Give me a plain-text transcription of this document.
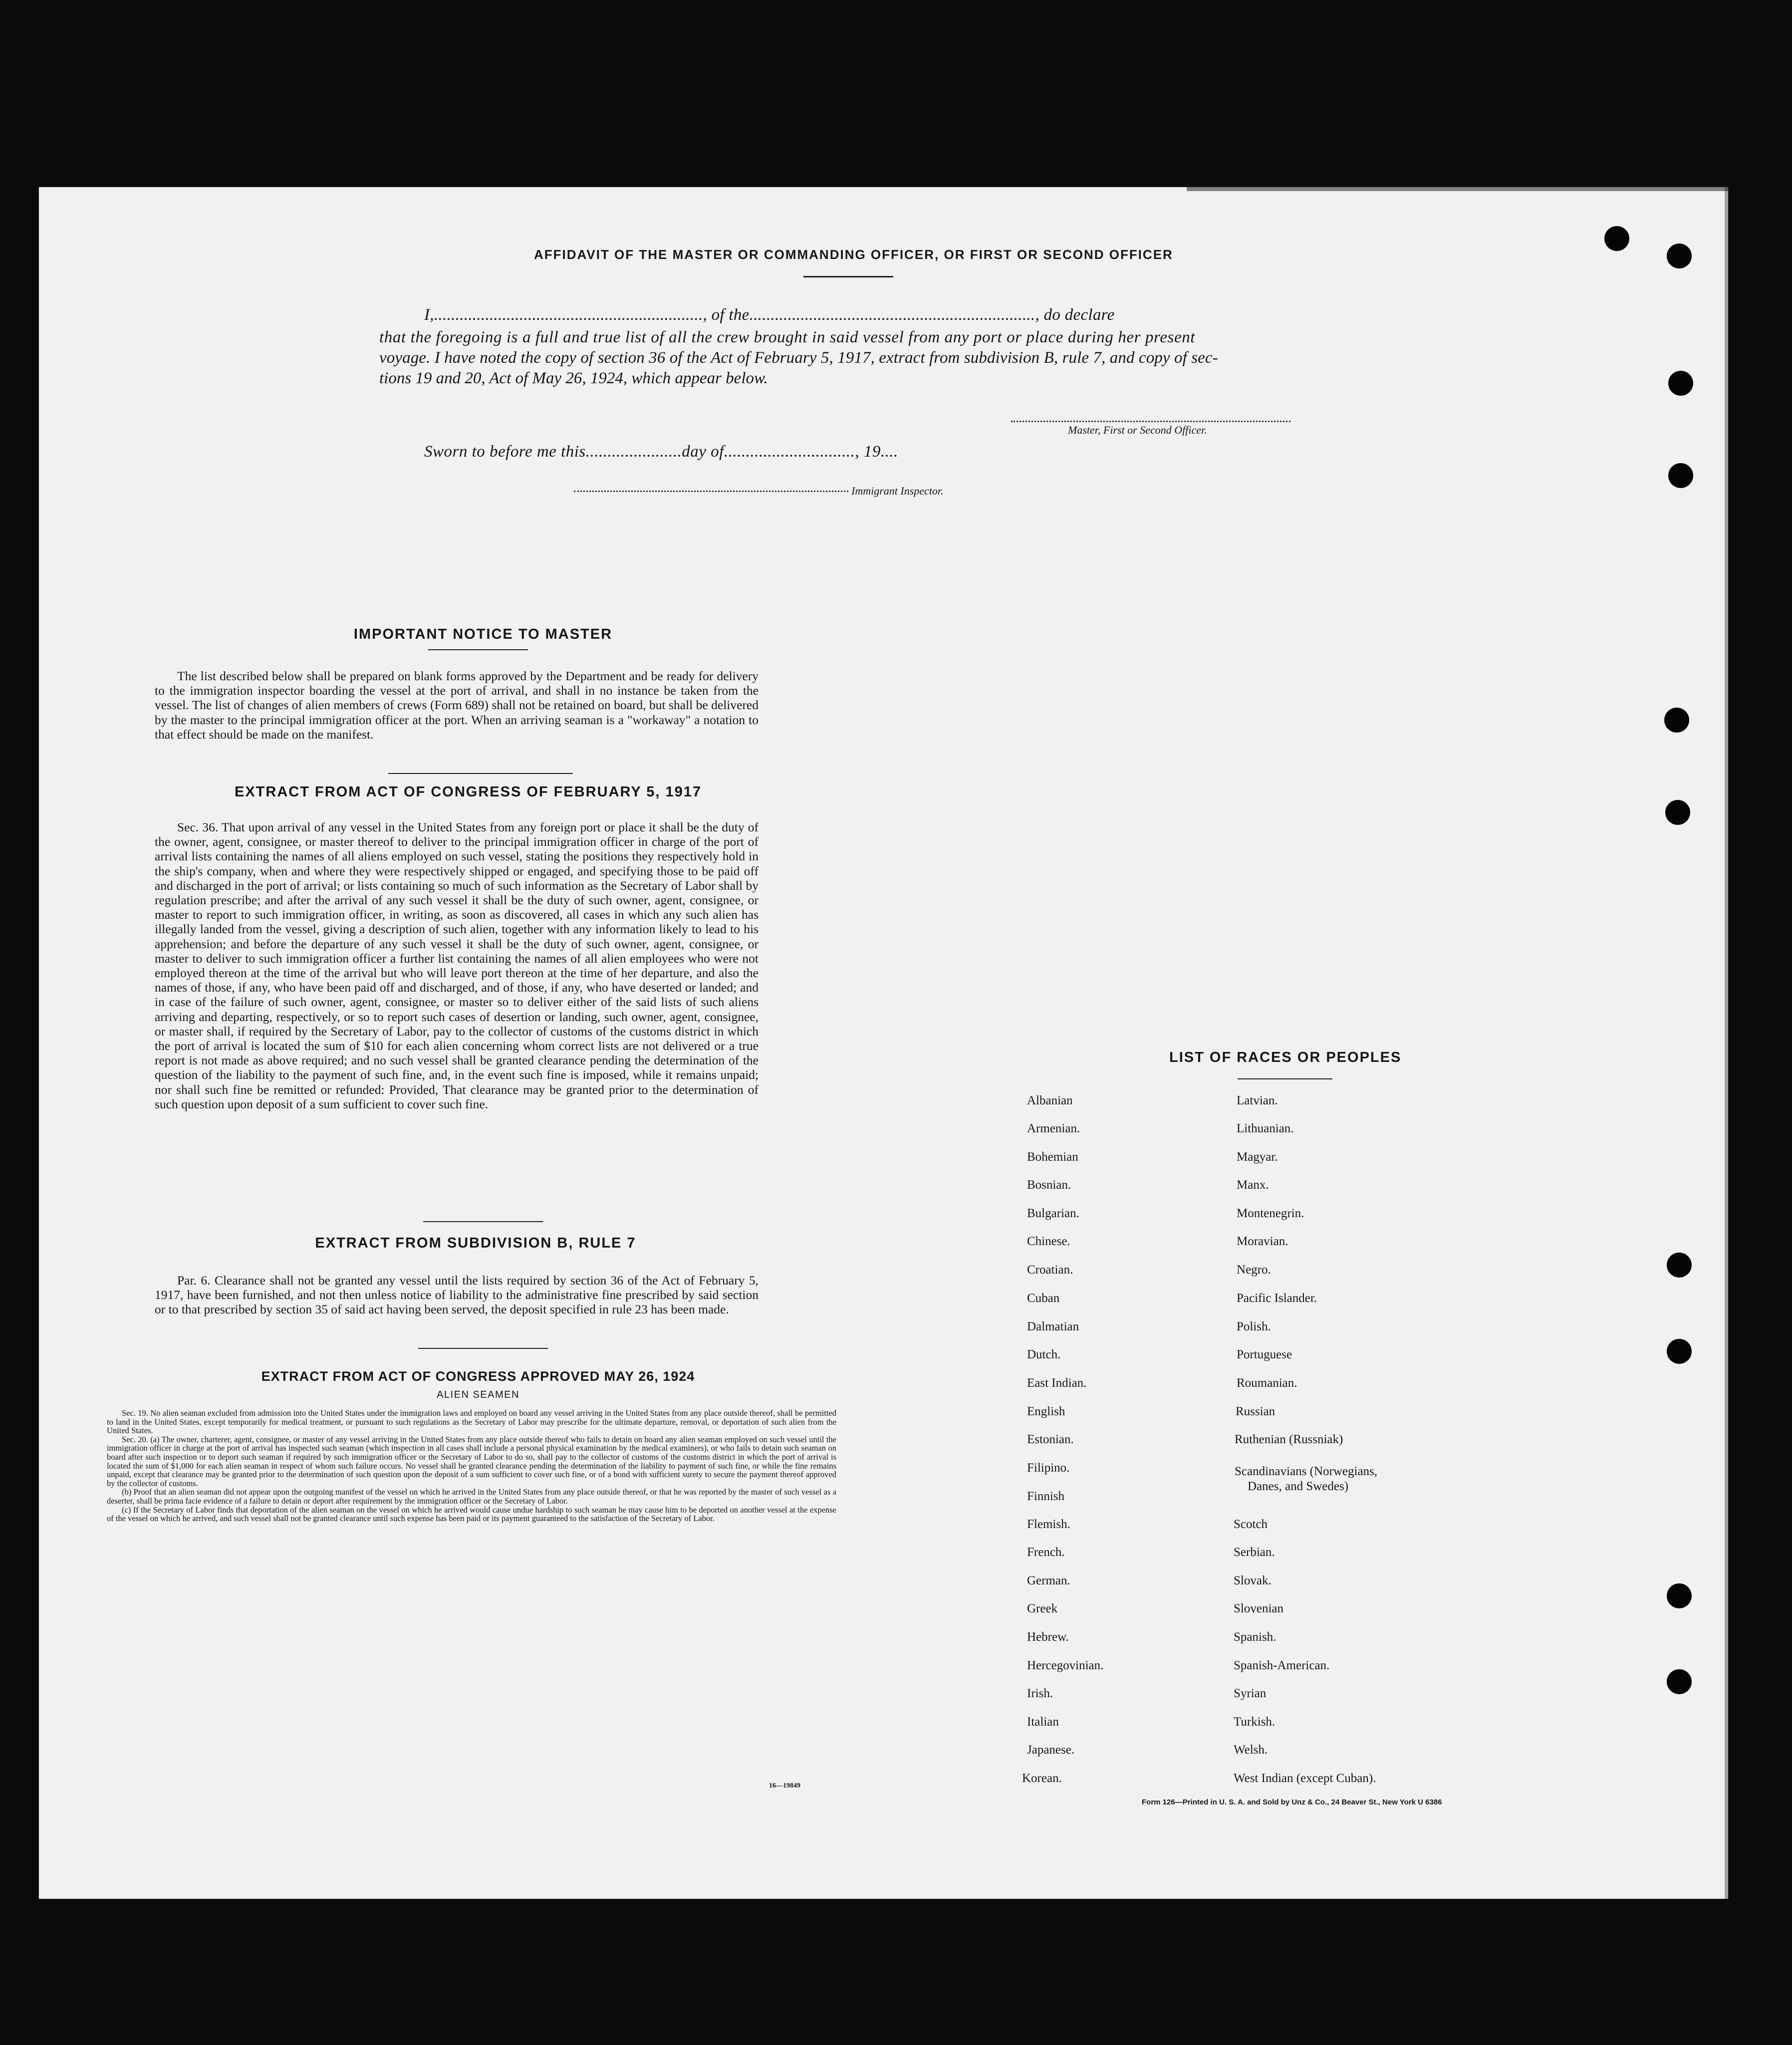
AFFIDAVIT OF THE MASTER OR COMMANDING OFFICER, OR FIRST OR SECOND OFFICER
I,..............................................................., of the..................................................................., do declare
that the foregoing is a full and true list of all the crew brought in said vessel from any port or place during her present
voyage. I have noted the copy of section 36 of the Act of February 5, 1917, extract from subdivision B, rule 7, and copy of sec-
tions 19 and 20, Act of May 26, 1924, which appear below.
Master, First or Second Officer.
Sworn to before me this......................day of.............................., 19....
Immigrant Inspector.
IMPORTANT NOTICE TO MASTER

The list described below shall be prepared on blank forms approved by the Department and be ready for delivery to the immigration inspector boarding the vessel at the port of arrival, and shall in no instance be taken from the vessel. The list of changes of alien members of crews (Form 689) shall not be retained on board, but shall be delivered by the master to the principal immigration officer at the port. When an arriving seaman is a "workaway" a notation to that effect should be made on the manifest.

EXTRACT FROM ACT OF CONGRESS OF FEBRUARY 5, 1917

Sec. 36. That upon arrival of any vessel in the United States from any foreign port or place it shall be the duty of the owner, agent, consignee, or master thereof to deliver to the principal immigration officer in charge of the port of arrival lists containing the names of all aliens employed on such vessel, stating the positions they respectively hold in the ship's company, when and where they were respectively shipped or engaged, and specifying those to be paid off and discharged in the port of arrival; or lists containing so much of such information as the Secretary of Labor shall by regulation prescribe; and after the arrival of any such vessel it shall be the duty of such owner, agent, consignee, or master to report to such immigration officer, in writing, as soon as discovered, all cases in which any such alien has illegally landed from the vessel, giving a description of such alien, together with any information likely to lead to his apprehension; and before the departure of any such vessel it shall be the duty of such owner, agent, consignee, or master to deliver to such immigration officer a further list containing the names of all alien employees who were not employed thereon at the time of the arrival but who will leave port thereon at the time of her departure, and also the names of those, if any, who have been paid off and discharged, and of those, if any, who have deserted or landed; and in case of the failure of such owner, agent, consignee, or master so to deliver either of the said lists of such aliens arriving and departing, respectively, or so to report such cases of desertion or landing, such owner, agent, consignee, or master shall, if required by the Secretary of Labor, pay to the collector of customs of the customs district in which the port of arrival is located the sum of $10 for each alien concerning whom correct lists are not delivered or a true report is not made as above required; and no such vessel shall be granted clearance pending the determination of the question of the liability to the payment of such fine, and, in the event such fine is imposed, while it remains unpaid; nor shall such fine be remitted or refunded: Provided, That clearance may be granted prior to the determination of such question upon deposit of a sum sufficient to cover such fine.

EXTRACT FROM SUBDIVISION B, RULE 7

Par. 6. Clearance shall not be granted any vessel until the lists required by section 36 of the Act of February 5, 1917, have been furnished, and not then unless notice of liability to the administrative fine prescribed by said section or to that prescribed by section 35 of said act having been served, the deposit specified in rule 23 has been made.

EXTRACT FROM ACT OF CONGRESS APPROVED MAY 26, 1924
ALIEN SEAMEN

Sec. 19. No alien seaman excluded from admission into the United States under the immigration laws and employed on board any vessel arriving in the United States from any place outside thereof, shall be permitted to land in the United States, except temporarily for medical treatment, or pursuant to such regulations as the Secretary of Labor may prescribe for the ultimate departure, removal, or deportation of such alien from the United States.

Sec. 20. (a) The owner, charterer, agent, consignee, or master of any vessel arriving in the United States from any place outside thereof who fails to detain on board any alien seaman employed on such vessel until the immigration officer in charge at the port of arrival has inspected such seaman (which inspection in all cases shall include a personal physical examination by the medical examiners), or who fails to detain such seaman on board after such inspection or to deport such seaman if required by such immigration officer or the Secretary of Labor to do so, shall pay to the collector of customs of the customs district in which the port of arrival is located the sum of $1,000 for each alien seaman in respect of whom such failure occurs. No vessel shall be granted clearance pending the determination of the liability to payment of such fine, or while the fine remains unpaid, except that clearance may be granted prior to the determination of such question upon the deposit of a sum sufficient to cover such fine, or of a bond with sufficient surety to secure the payment thereof approved by the collector of customs.

(b) Proof that an alien seaman did not appear upon the outgoing manifest of the vessel on which he arrived in the United States from any place outside thereof, or that he was reported by the master of such vessel as a deserter, shall be prima facie evidence of a failure to detain or deport after requirement by the immigration officer or the Secretary of Labor.

(c) If the Secretary of Labor finds that deportation of the alien seaman on the vessel on which he arrived would cause undue hardship to such seaman he may cause him to be deported on another vessel at the expense of the vessel on which he arrived, and such vessel shall not be granted clearance until such expense has been paid or its payment guaranteed to the satisfaction of the Secretary of Labor.

16—19849
LIST OF RACES OR PEOPLES
Albanian
Armenian.
Bohemian
Bosnian.
Bulgarian.
Chinese.
Croatian.
Cuban
Dalmatian
Dutch.
East Indian.
English
Estonian.
Filipino.
Finnish
Flemish.
French.
German.
Greek
Hebrew.
Hercegovinian.
Irish.
Italian
Japanese.
Korean.
Latvian.
Lithuanian.
Magyar.
Manx.
Montenegrin.
Moravian.
Negro.
Pacific Islander.
Polish.
Portuguese
Roumanian.
Russian
Ruthenian (Russniak)
Scandinavians (Norwegians,
Danes, and Swedes)
Scotch
Serbian.
Slovak.
Slovenian
Spanish.
Spanish-American.
Syrian
Turkish.
Welsh.
West Indian (except Cuban).
Form 126—Printed in U. S. A. and Sold by Unz & Co., 24 Beaver St., New York U 6386
